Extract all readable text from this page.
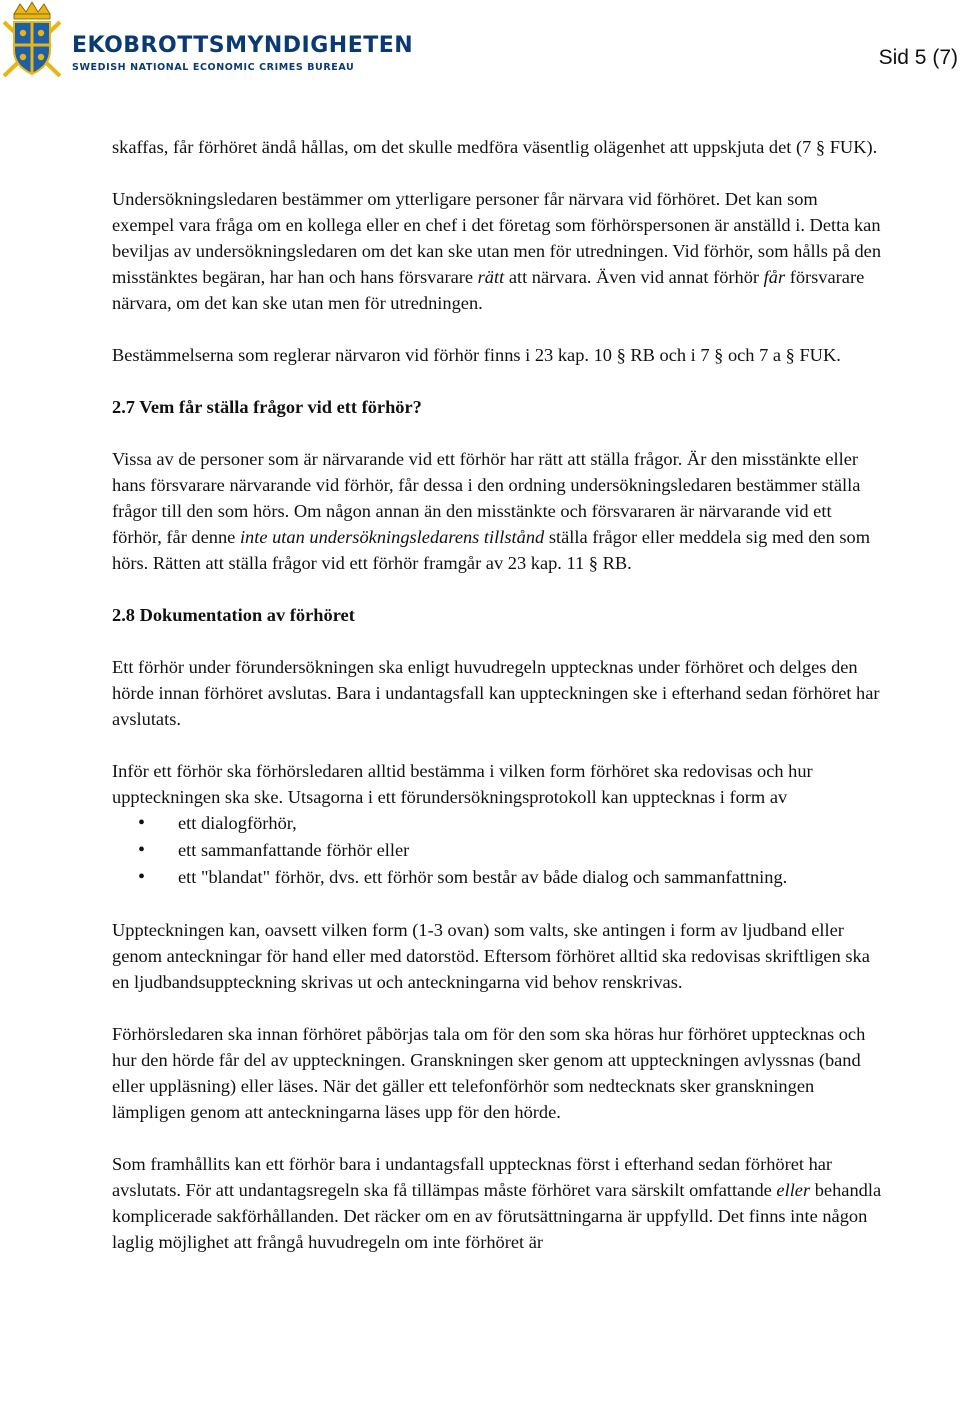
EKOBROTTSMYNDIGHETEN
SWEDISH NATIONAL ECONOMIC CRIMES BUREAU	Sid 5 (7)

skaffas, får förhöret ändå hållas, om det skulle medföra väsentlig olägenhet att uppskjuta det (7 § FUK).

Undersökningsledaren bestämmer om ytterligare personer får närvara vid förhöret. Det kan som exempel vara fråga om en kollega eller en chef i det företag som förhörspersonen är anställd i. Detta kan beviljas av undersökningsledaren om det kan ske utan men för utredningen. Vid förhör, som hålls på den misstänktes begäran, har han och hans försvarare rätt att närvara. Även vid annat förhör får försvarare närvara, om det kan ske utan men för utredningen.

Bestämmelserna som reglerar närvaron vid förhör finns i 23 kap. 10 § RB och i 7 § och 7 a § FUK.

2.7 Vem får ställa frågor vid ett förhör?

Vissa av de personer som är närvarande vid ett förhör har rätt att ställa frågor. Är den misstänkte eller hans försvarare närvarande vid förhör, får dessa i den ordning undersökningsledaren bestämmer ställa frågor till den som hörs. Om någon annan än den misstänkte och försvararen är närvarande vid ett förhör, får denne inte utan undersökningsledarens tillstånd ställa frågor eller meddela sig med den som hörs. Rätten att ställa frågor vid ett förhör framgår av 23 kap. 11 § RB.

2.8 Dokumentation av förhöret

Ett förhör under förundersökningen ska enligt huvudregeln upptecknas under förhöret och delges den hörde innan förhöret avslutas. Bara i undantagsfall kan uppteckningen ske i efterhand sedan förhöret har avslutats.

Inför ett förhör ska förhörsledaren alltid bestämma i vilken form förhöret ska redovisas och hur uppteckningen ska ske. Utsagorna i ett förundersökningsprotokoll kan upptecknas i form av

• ett dialogförhör,
• ett sammanfattande förhör eller
• ett "blandat" förhör, dvs. ett förhör som består av både dialog och sammanfattning.

Uppteckningen kan, oavsett vilken form (1-3 ovan) som valts, ske antingen i form av ljudband eller genom anteckningar för hand eller med datorstöd. Eftersom förhöret alltid ska redovisas skriftligen ska en ljudbandsuppteckning skrivas ut och anteckningarna vid behov renskrivas.

Förhörsledaren ska innan förhöret påbörjas tala om för den som ska höras hur förhöret upptecknas och hur den hörde får del av uppteckningen. Granskningen sker genom att uppteckningen avlyssnas (band eller uppläsning) eller läses. När det gäller ett telefonförhör som nedtecknats sker granskningen lämpligen genom att anteckningarna läses upp för den hörde.

Som framhållits kan ett förhör bara i undantagsfall upptecknas först i efterhand sedan förhöret har avslutats. För att undantagsregeln ska få tillämpas måste förhöret vara särskilt omfattande eller behandla komplicerade sakförhållanden. Det räcker om en av förutsättningarna är uppfylld. Det finns inte någon laglig möjlighet att frångå huvudregeln om inte förhöret är
